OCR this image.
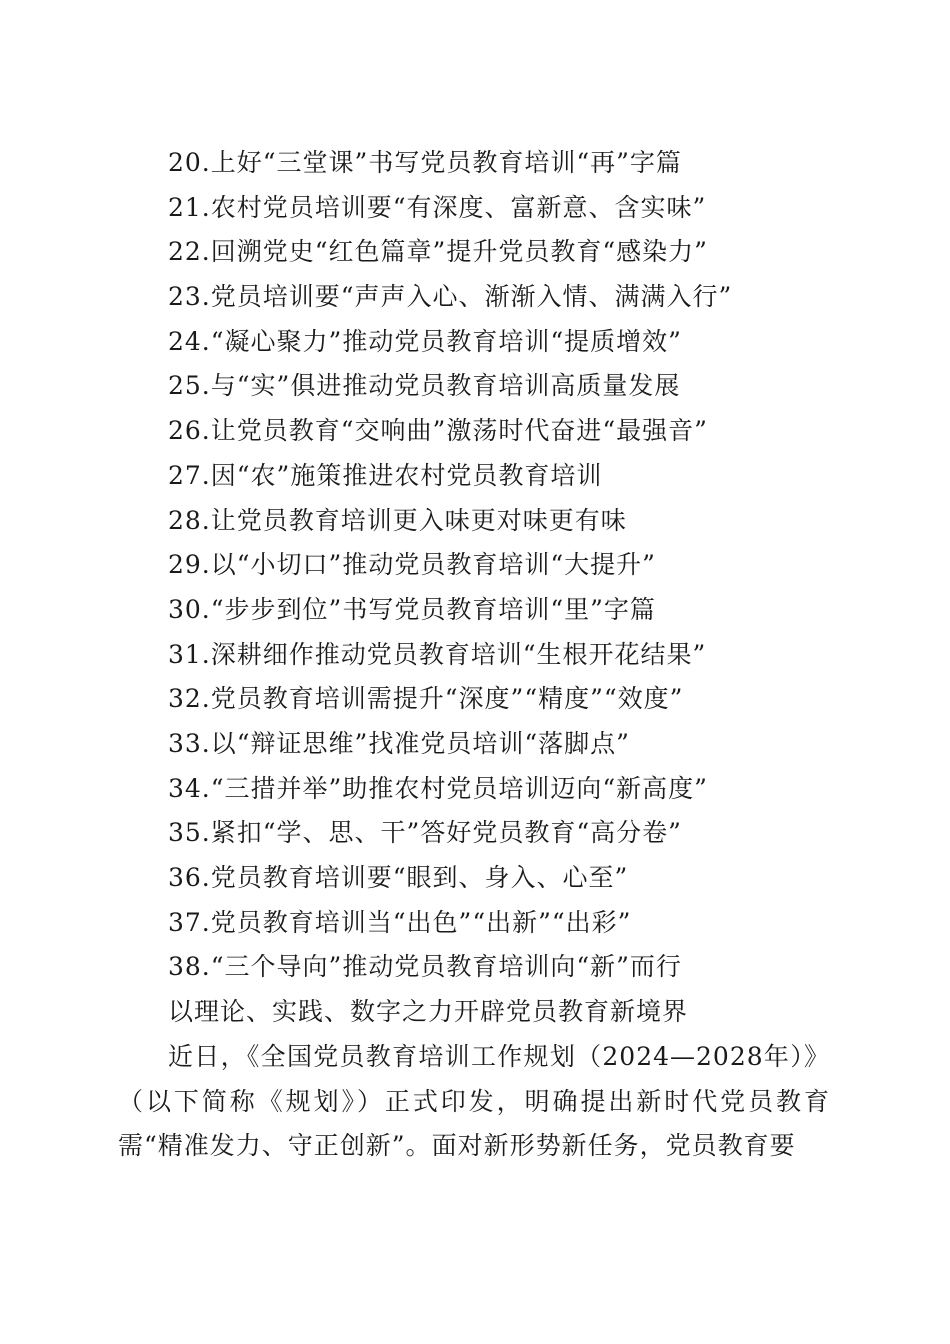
20.上好“三堂课”书写党员教育培训“再”字篇
21.农村党员培训要“有深度、富新意、含实味”
22.回溯党史“红色篇章”提升党员教育“感染力”
23.党员培训要“声声入心、渐渐入情、满满入行”
24.“凝心聚力”推动党员教育培训“提质增效”
25.与“实”俱进推动党员教育培训高质量发展
26.让党员教育“交响曲”激荡时代奋进“最强音”
27.因“农”施策推进农村党员教育培训
28.让党员教育培训更入味更对味更有味
29.以“小切口”推动党员教育培训“大提升”
30.“步步到位”书写党员教育培训“里”字篇
31.深耕细作推动党员教育培训“生根开花结果”
32.党员教育培训需提升“深度”“精度”“效度”
33.以“辩证思维”找准党员培训“落脚点”
34.“三措并举”助推农村党员培训迈向“新高度”
35.紧扣“学、思、干”答好党员教育“高分卷”
36.党员教育培训要“眼到、身入、心至”
37.党员教育培训当“出色”“出新”“出彩”
38.“三个导向”推动党员教育培训向“新”而行
以理论、实践、数字之力开辟党员教育新境界

近日，《全国党员教育培训工作规划（2024—2028年）》（以下简称《规划》）正式印发，明确提出新时代党员教育需“精准发力、守正创新”。面对新形势新任务，党员教育要
